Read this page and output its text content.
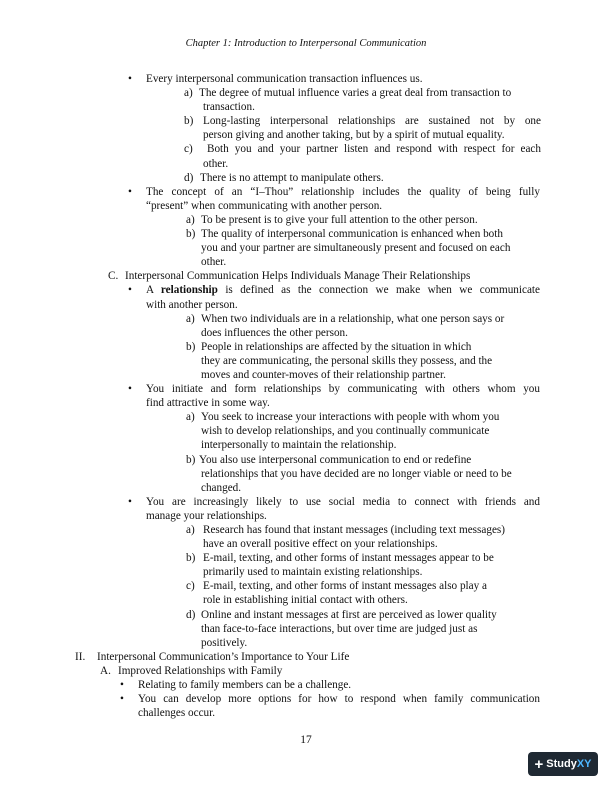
Chapter 1: Introduction to Interpersonal Communication
• Every interpersonal communication transaction influences us.
a) The degree of mutual influence varies a great deal from transaction to
transaction.
b) Long-lasting interpersonal relationships are sustained not by one
person giving and another taking, but by a spirit of mutual equality.
c) Both you and your partner listen and respond with respect for each
other.
d) There is no attempt to manipulate others.
• The concept of an “I–Thou” relationship includes the quality of being fully
“present” when communicating with another person.
a) To be present is to give your full attention to the other person.
b) The quality of interpersonal communication is enhanced when both
you and your partner are simultaneously present and focused on each
other.
C. Interpersonal Communication Helps Individuals Manage Their Relationships
• A relationship is defined as the connection we make when we communicate
with another person.
a) When two individuals are in a relationship, what one person says or
does influences the other person.
b) People in relationships are affected by the situation in which
they are communicating, the personal skills they possess, and the
moves and counter-moves of their relationship partner.
• You initiate and form relationships by communicating with others whom you
find attractive in some way.
a) You seek to increase your interactions with people with whom you
wish to develop relationships, and you continually communicate
interpersonally to maintain the relationship.
b) You also use interpersonal communication to end or redefine
relationships that you have decided are no longer viable or need to be
changed.
• You are increasingly likely to use social media to connect with friends and
manage your relationships.
a) Research has found that instant messages (including text messages)
have an overall positive effect on your relationships.
b) E-mail, texting, and other forms of instant messages appear to be
primarily used to maintain existing relationships.
c) E-mail, texting, and other forms of instant messages also play a
role in establishing initial contact with others.
d) Online and instant messages at first are perceived as lower quality
than face-to-face interactions, but over time are judged just as
positively.
II. Interpersonal Communication’s Importance to Your Life
A. Improved Relationships with Family
• Relating to family members can be a challenge.
• You can develop more options for how to respond when family communication
challenges occur.
17
+ StudyXY
